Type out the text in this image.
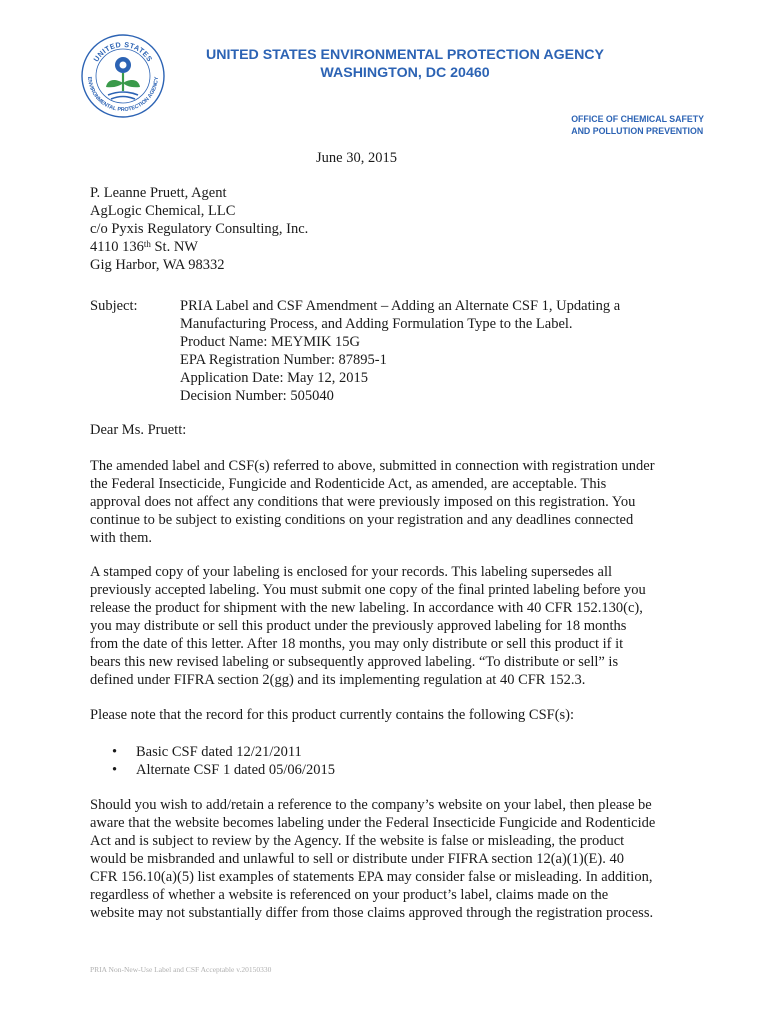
UNITED STATES
ENVIRONMENTAL PROTECTION AGENCY
UNITED STATES ENVIRONMENTAL PROTECTION AGENCY
WASHINGTON, DC 20460
OFFICE OF CHEMICAL SAFETY
AND POLLUTION PREVENTION
June 30, 2015
P. Leanne Pruett, Agent
AgLogic Chemical, LLC
c/o Pyxis Regulatory Consulting, Inc.
4110 136th St. NW
Gig Harbor, WA 98332
Subject:	PRIA Label and CSF Amendment – Adding an Alternate CSF 1, Updating a
Manufacturing Process, and Adding Formulation Type to the Label.
Product Name: MEYMIK 15G
EPA Registration Number: 87895-1
Application Date: May 12, 2015
Decision Number: 505040
Dear Ms. Pruett:
The amended label and CSF(s) referred to above, submitted in connection with registration under
the Federal Insecticide, Fungicide and Rodenticide Act, as amended, are acceptable. This
approval does not affect any conditions that were previously imposed on this registration. You
continue to be subject to existing conditions on your registration and any deadlines connected
with them.
A stamped copy of your labeling is enclosed for your records. This labeling supersedes all
previously accepted labeling. You must submit one copy of the final printed labeling before you
release the product for shipment with the new labeling. In accordance with 40 CFR 152.130(c),
you may distribute or sell this product under the previously approved labeling for 18 months
from the date of this letter. After 18 months, you may only distribute or sell this product if it
bears this new revised labeling or subsequently approved labeling. “To distribute or sell” is
defined under FIFRA section 2(gg) and its implementing regulation at 40 CFR 152.3.
Please note that the record for this product currently contains the following CSF(s):
•	Basic CSF dated 12/21/2011
•	Alternate CSF 1 dated 05/06/2015
Should you wish to add/retain a reference to the company’s website on your label, then please be
aware that the website becomes labeling under the Federal Insecticide Fungicide and Rodenticide
Act and is subject to review by the Agency. If the website is false or misleading, the product
would be misbranded and unlawful to sell or distribute under FIFRA section 12(a)(1)(E). 40
CFR 156.10(a)(5) list examples of statements EPA may consider false or misleading. In addition,
regardless of whether a website is referenced on your product’s label, claims made on the
website may not substantially differ from those claims approved through the registration process.
PRIA Non-New-Use Label and CSF Acceptable v.20150330
